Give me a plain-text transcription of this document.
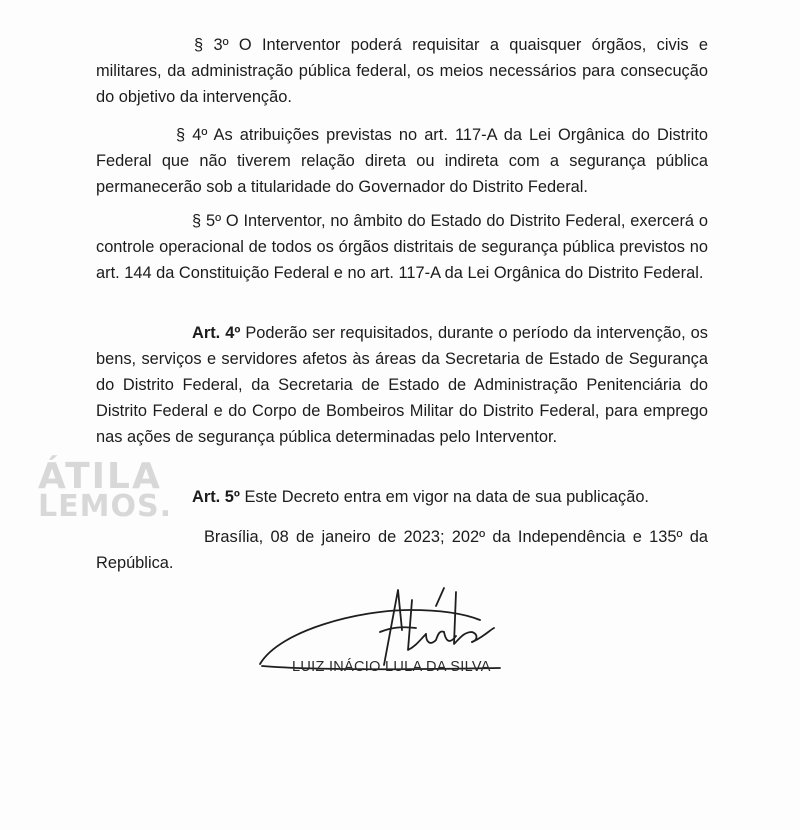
§ 3º O Interventor poderá requisitar a quaisquer órgãos, civis e militares, da administração pública federal, os meios necessários para consecução do objetivo da intervenção.

§ 4º As atribuições previstas no art. 117-A da Lei Orgânica do Distrito Federal que não tiverem relação direta ou indireta com a segurança pública permanecerão sob a titularidade do Governador do Distrito Federal.

§ 5º O Interventor, no âmbito do Estado do Distrito Federal, exercerá o controle operacional de todos os órgãos distritais de segurança pública previstos no art. 144 da Constituição Federal e no art. 117-A da Lei Orgânica do Distrito Federal.

Art. 4º Poderão ser requisitados, durante o período da intervenção, os bens, serviços e servidores afetos às áreas da Secretaria de Estado de Segurança do Distrito Federal, da Secretaria de Estado de Administração Penitenciária do Distrito Federal e do Corpo de Bombeiros Militar do Distrito Federal, para emprego nas ações de segurança pública determinadas pelo Interventor.

ÁTILA
LEMOS.	Art. 5º Este Decreto entra em vigor na data de sua publicação.

Brasília, 08 de janeiro de 2023; 202º da Independência e 135º da República.

LUIZ INÁCIO LULA DA SILVA
